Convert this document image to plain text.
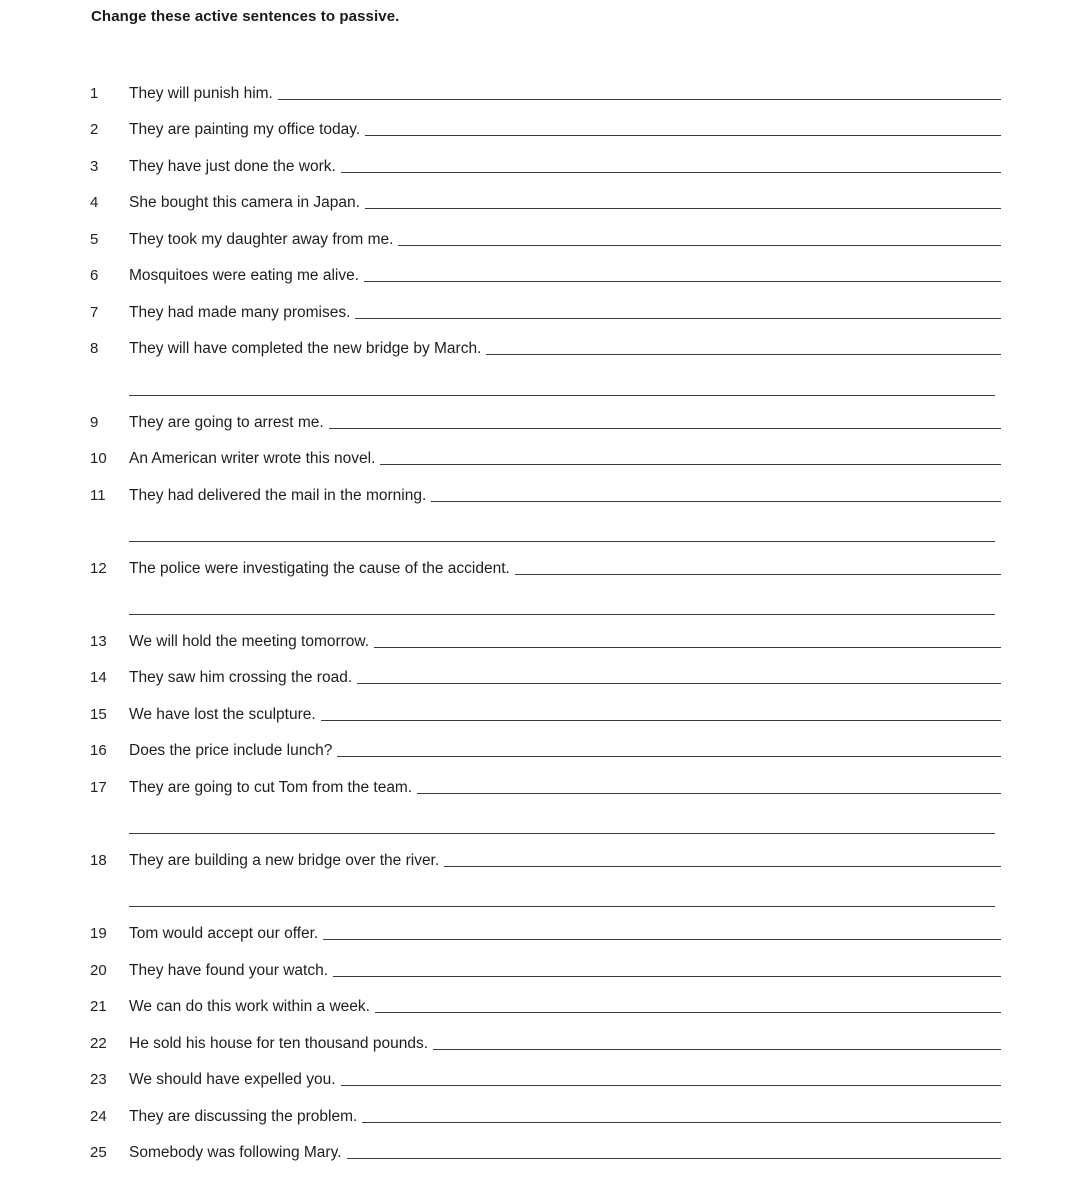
Change these active sentences to passive.
1 They will punish him.
2 They are painting my office today.
3 They have just done the work.
4 She bought this camera in Japan.
5 They took my daughter away from me.
6 Mosquitoes were eating me alive.
7 They had made many promises.
8 They will have completed the new bridge by March.
9 They are going to arrest me.
10 An American writer wrote this novel.
11 They had delivered the mail in the morning.
12 The police were investigating the cause of the accident.
13 We will hold the meeting tomorrow.
14 They saw him crossing the road.
15 We have lost the sculpture.
16 Does the price include lunch?
17 They are going to cut Tom from the team.
18 They are building a new bridge over the river.
19 Tom would accept our offer.
20 They have found your watch.
21 We can do this work within a week.
22 He sold his house for ten thousand pounds.
23 We should have expelled you.
24 They are discussing the problem.
25 Somebody was following Mary.
